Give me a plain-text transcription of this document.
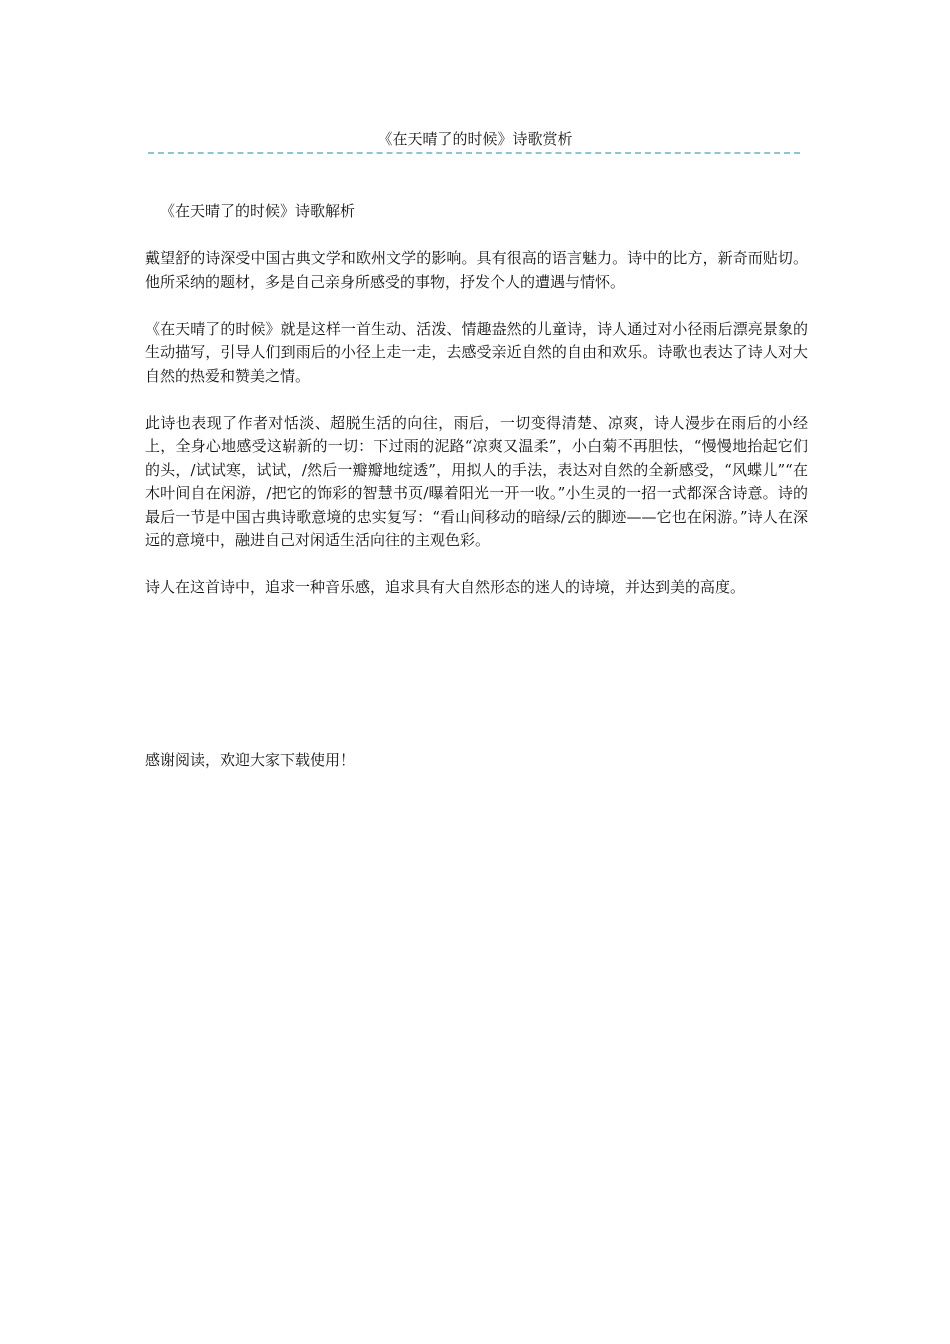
《在天晴了的时候》诗歌赏析

《在天晴了的时候》诗歌解析

戴望舒的诗深受中国古典文学和欧州文学的影响。具有很高的语言魅力。诗中的比方，新奇而贴切。他所采纳的题材，多是自己亲身所感受的事物，抒发个人的遭遇与情怀。

《在天晴了的时候》就是这样一首生动、活泼、情趣盎然的儿童诗，诗人通过对小径雨后漂亮景象的生动描写，引导人们到雨后的小径上走一走，去感受亲近自然的自由和欢乐。诗歌也表达了诗人对大自然的热爱和赞美之情。

此诗也表现了作者对恬淡、超脱生活的向往，雨后，一切变得清楚、凉爽，诗人漫步在雨后的小经上，全身心地感受这崭新的一切：下过雨的泥路“凉爽又温柔”，小白菊不再胆怯，“慢慢地抬起它们的头，/试试寒，试试，/然后一瓣瓣地绽透”，用拟人的手法，表达对自然的全新感受，“风蝶儿”“在木叶间自在闲游，/把它的饰彩的智慧书页/曝着阳光一开一收。”小生灵的一招一式都深含诗意。诗的最后一节是中国古典诗歌意境的忠实复写：“看山间移动的暗绿/云的脚迹——它也在闲游。”诗人在深远的意境中，融进自己对闲适生活向往的主观色彩。

诗人在这首诗中，追求一种音乐感，追求具有大自然形态的迷人的诗境，并达到美的高度。

感谢阅读，欢迎大家下载使用！
